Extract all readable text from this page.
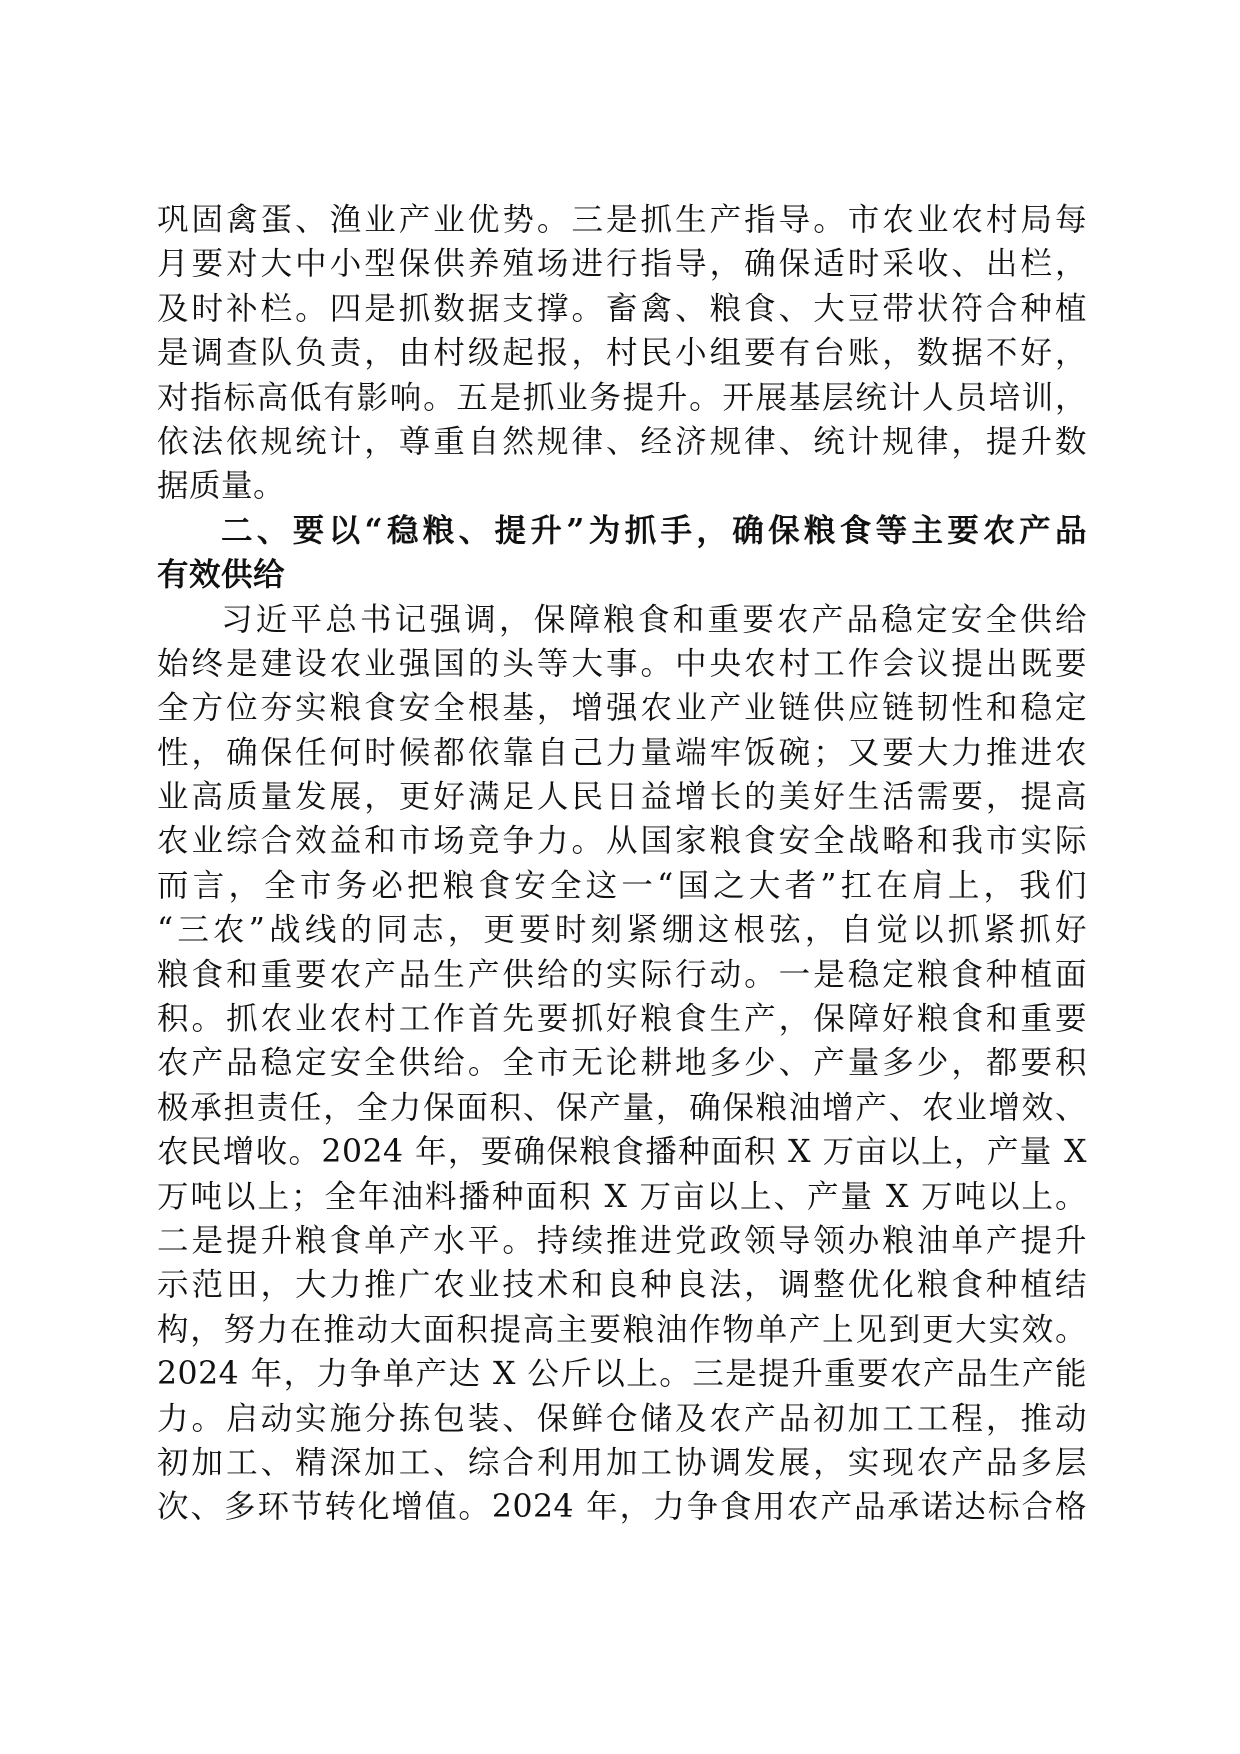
巩固禽蛋、渔业产业优势。三是抓生产指导。市农业农村局每
月要对大中小型保供养殖场进行指导，确保适时采收、出栏，
及时补栏。四是抓数据支撑。畜禽、粮食、大豆带状符合种植
是调查队负责，由村级起报，村民小组要有台账，数据不好，
对指标高低有影响。五是抓业务提升。开展基层统计人员培训，
依法依规统计，尊重自然规律、经济规律、统计规律，提升数
据质量。
二、要以“稳粮、提升”为抓手，确保粮食等主要农产品
有效供给
习近平总书记强调，保障粮食和重要农产品稳定安全供给
始终是建设农业强国的头等大事。中央农村工作会议提出既要
全方位夯实粮食安全根基，增强农业产业链供应链韧性和稳定
性，确保任何时候都依靠自己力量端牢饭碗；又要大力推进农
业高质量发展，更好满足人民日益增长的美好生活需要，提高
农业综合效益和市场竞争力。从国家粮食安全战略和我市实际
而言，全市务必把粮食安全这一“国之大者”扛在肩上，我们
“三农”战线的同志，更要时刻紧绷这根弦，自觉以抓紧抓好
粮食和重要农产品生产供给的实际行动。一是稳定粮食种植面
积。抓农业农村工作首先要抓好粮食生产，保障好粮食和重要
农产品稳定安全供给。全市无论耕地多少、产量多少，都要积
极承担责任，全力保面积、保产量，确保粮油增产、农业增效、
农民增收。2024 年，要确保粮食播种面积 X 万亩以上，产量 X
万吨以上；全年油料播种面积 X 万亩以上、产量 X 万吨以上。
二是提升粮食单产水平。持续推进党政领导领办粮油单产提升
示范田，大力推广农业技术和良种良法，调整优化粮食种植结
构，努力在推动大面积提高主要粮油作物单产上见到更大实效。
2024 年，力争单产达 X 公斤以上。三是提升重要农产品生产能
力。启动实施分拣包装、保鲜仓储及农产品初加工工程，推动
初加工、精深加工、综合利用加工协调发展，实现农产品多层
次、多环节转化增值。2024 年，力争食用农产品承诺达标合格
